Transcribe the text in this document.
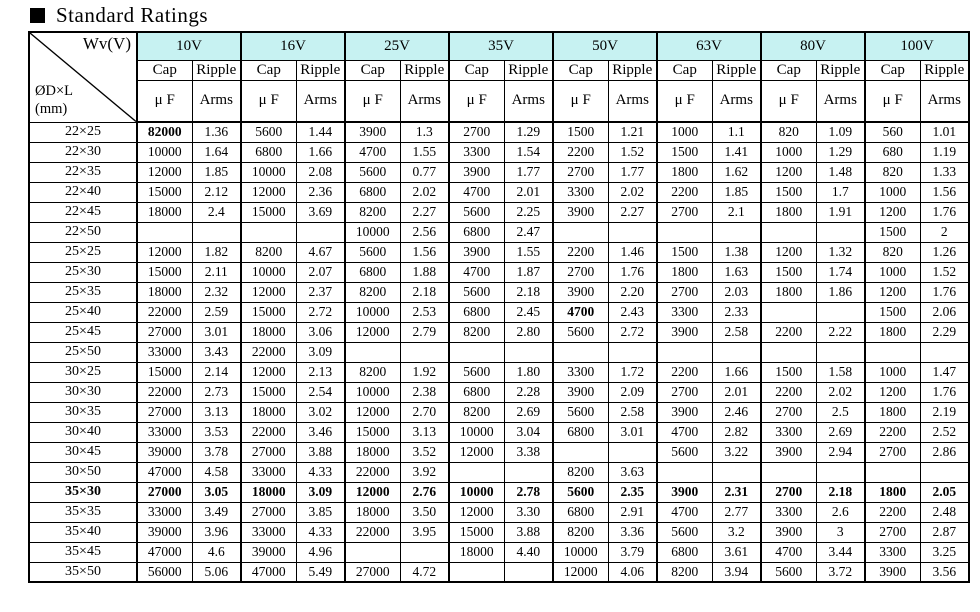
Standard Ratings
Wv(V)
ØD×L
(mm)	10V		16V		25V		35V		50V		63V		80V		100V	
	Cap	Ripple	Cap	Ripple	Cap	Ripple	Cap	Ripple	Cap	Ripple	Cap	Ripple	Cap	Ripple	Cap	Ripple
	μ F	Arms	μ F	Arms	μ F	Arms	μ F	Arms	μ F	Arms	μ F	Arms	μ F	Arms	μ F	Arms
22×25	82000	1.36	5600	1.44	3900	1.3	2700	1.29	1500	1.21	1000	1.1	820	1.09	560	1.01
22×30	10000	1.64	6800	1.66	4700	1.55	3300	1.54	2200	1.52	1500	1.41	1000	1.29	680	1.19
22×35	12000	1.85	10000	2.08	5600	0.77	3900	1.77	2700	1.77	1800	1.62	1200	1.48	820	1.33
22×40	15000	2.12	12000	2.36	6800	2.02	4700	2.01	3300	2.02	2200	1.85	1500	1.7	1000	1.56
22×45	18000	2.4	15000	3.69	8200	2.27	5600	2.25	3900	2.27	2700	2.1	1800	1.91	1200	1.76
22×50					10000	2.56	6800	2.47							1500	2
25×25	12000	1.82	8200	4.67	5600	1.56	3900	1.55	2200	1.46	1500	1.38	1200	1.32	820	1.26
25×30	15000	2.11	10000	2.07	6800	1.88	4700	1.87	2700	1.76	1800	1.63	1500	1.74	1000	1.52
25×35	18000	2.32	12000	2.37	8200	2.18	5600	2.18	3900	2.20	2700	2.03	1800	1.86	1200	1.76
25×40	22000	2.59	15000	2.72	10000	2.53	6800	2.45	4700	2.43	3300	2.33			1500	2.06
25×45	27000	3.01	18000	3.06	12000	2.79	8200	2.80	5600	2.72	3900	2.58	2200	2.22	1800	2.29
25×50	33000	3.43	22000	3.09												
30×25	15000	2.14	12000	2.13	8200	1.92	5600	1.80	3300	1.72	2200	1.66	1500	1.58	1000	1.47
30×30	22000	2.73	15000	2.54	10000	2.38	6800	2.28	3900	2.09	2700	2.01	2200	2.02	1200	1.76
30×35	27000	3.13	18000	3.02	12000	2.70	8200	2.69	5600	2.58	3900	2.46	2700	2.5	1800	2.19
30×40	33000	3.53	22000	3.46	15000	3.13	10000	3.04	6800	3.01	4700	2.82	3300	2.69	2200	2.52
30×45	39000	3.78	27000	3.88	18000	3.52	12000	3.38			5600	3.22	3900	2.94	2700	2.86
30×50	47000	4.58	33000	4.33	22000	3.92			8200	3.63						
35×30	27000	3.05	18000	3.09	12000	2.76	10000	2.78	5600	2.35	3900	2.31	2700	2.18	1800	2.05
35×35	33000	3.49	27000	3.85	18000	3.50	12000	3.30	6800	2.91	4700	2.77	3300	2.6	2200	2.48
35×40	39000	3.96	33000	4.33	22000	3.95	15000	3.88	8200	3.36	5600	3.2	3900	3	2700	2.87
35×45	47000	4.6	39000	4.96			18000	4.40	10000	3.79	6800	3.61	4700	3.44	3300	3.25
35×50	56000	5.06	47000	5.49	27000	4.72			12000	4.06	8200	3.94	5600	3.72	3900	3.56
